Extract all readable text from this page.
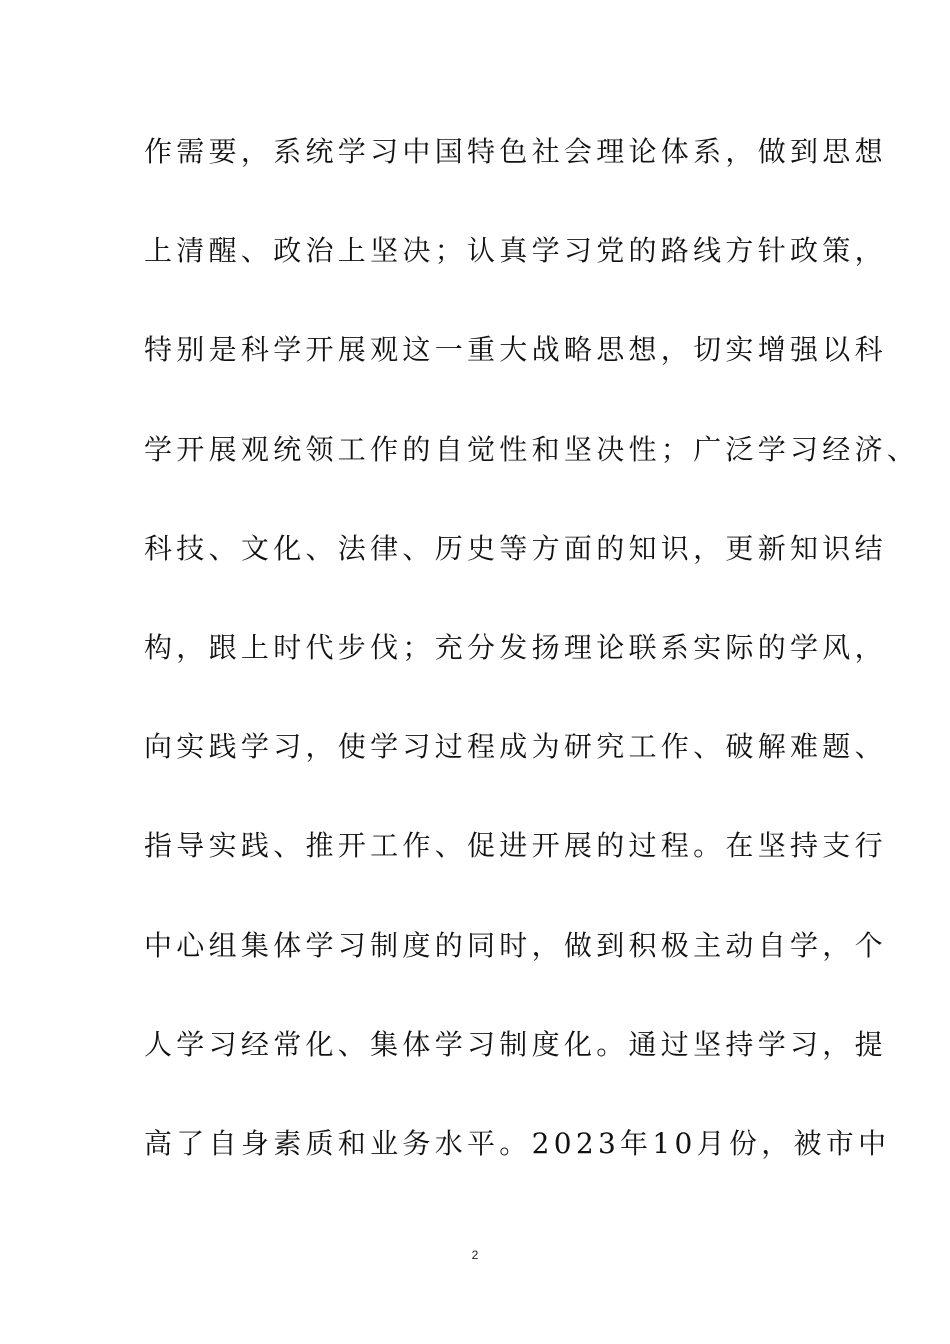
作需要，系统学习中国特色社会理论体系，做到思想
上清醒、政治上坚决；认真学习党的路线方针政策，
特别是科学开展观这一重大战略思想，切实增强以科
学开展观统领工作的自觉性和坚决性；广泛学习经济、
科技、文化、法律、历史等方面的知识，更新知识结
构，跟上时代步伐；充分发扬理论联系实际的学风，
向实践学习，使学习过程成为研究工作、破解难题、
指导实践、推开工作、促进开展的过程。在坚持支行
中心组集体学习制度的同时，做到积极主动自学，个
人学习经常化、集体学习制度化。通过坚持学习，提
高了自身素质和业务水平。2023年10月份，被市中
2
